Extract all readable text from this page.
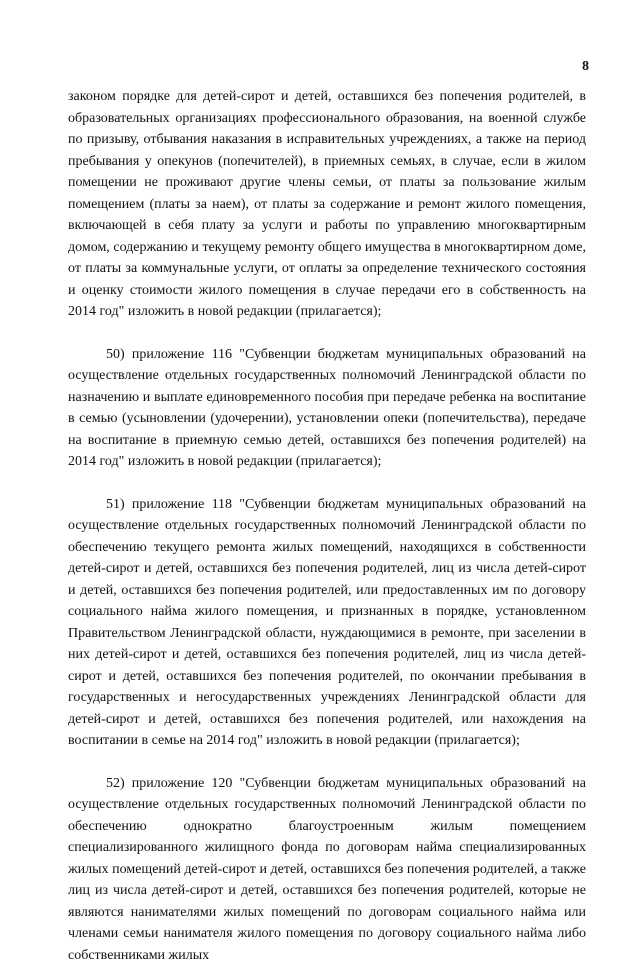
8

законом порядке для детей-сирот и детей, оставшихся без попечения родителей, в образовательных организациях профессионального образования, на военной службе по призыву, отбывания наказания в исправительных учреждениях, а также на период пребывания у опекунов (попечителей), в приемных семьях, в случае, если в жилом помещении не проживают другие члены семьи, от платы за пользование жилым помещением (платы за наем), от платы за содержание и ремонт жилого помещения, включающей в себя плату за услуги и работы по управлению многоквартирным домом, содержанию и текущему ремонту общего имущества в многоквартирном доме, от платы за коммунальные услуги, от оплаты за определение технического состояния и оценку стоимости жилого помещения в случае передачи его в собственность на 2014 год" изложить в новой редакции (прилагается);

50) приложение 116 "Субвенции бюджетам муниципальных образований на осуществление отдельных государственных полномочий Ленинградской области по назначению и выплате единовременного пособия при передаче ребенка на воспитание в семью (усыновлении (удочерении), установлении опеки (попечительства), передаче на воспитание в приемную семью детей, оставшихся без попечения родителей) на 2014 год" изложить в новой редакции (прилагается);

51) приложение 118 "Субвенции бюджетам муниципальных образований на осуществление отдельных государственных полномочий Ленинградской области по обеспечению текущего ремонта жилых помещений, находящихся в собственности детей-сирот и детей, оставшихся без попечения родителей, лиц из числа детей-сирот и детей, оставшихся без попечения родителей, или предоставленных им по договору социального найма жилого помещения, и признанных в порядке, установленном Правительством Ленинградской области, нуждающимися в ремонте, при заселении в них детей-сирот и детей, оставшихся без попечения родителей, лиц из числа детей-сирот и детей, оставшихся без попечения родителей, по окончании пребывания в государственных и негосударственных учреждениях Ленинградской области для детей-сирот и детей, оставшихся без попечения родителей, или нахождения на воспитании в семье на 2014 год" изложить в новой редакции (прилагается);

52) приложение 120 "Субвенции бюджетам муниципальных образований на осуществление отдельных государственных полномочий Ленинградской области по обеспечению однократно благоустроенным жилым помещением специализированного жилищного фонда по договорам найма специализированных жилых помещений детей-сирот и детей, оставшихся без попечения родителей, а также лиц из числа детей-сирот и детей, оставшихся без попечения родителей, которые не являются нанимателями жилых помещений по договорам социального найма или членами семьи нанимателя жилого помещения по договору социального найма либо собственниками жилых
